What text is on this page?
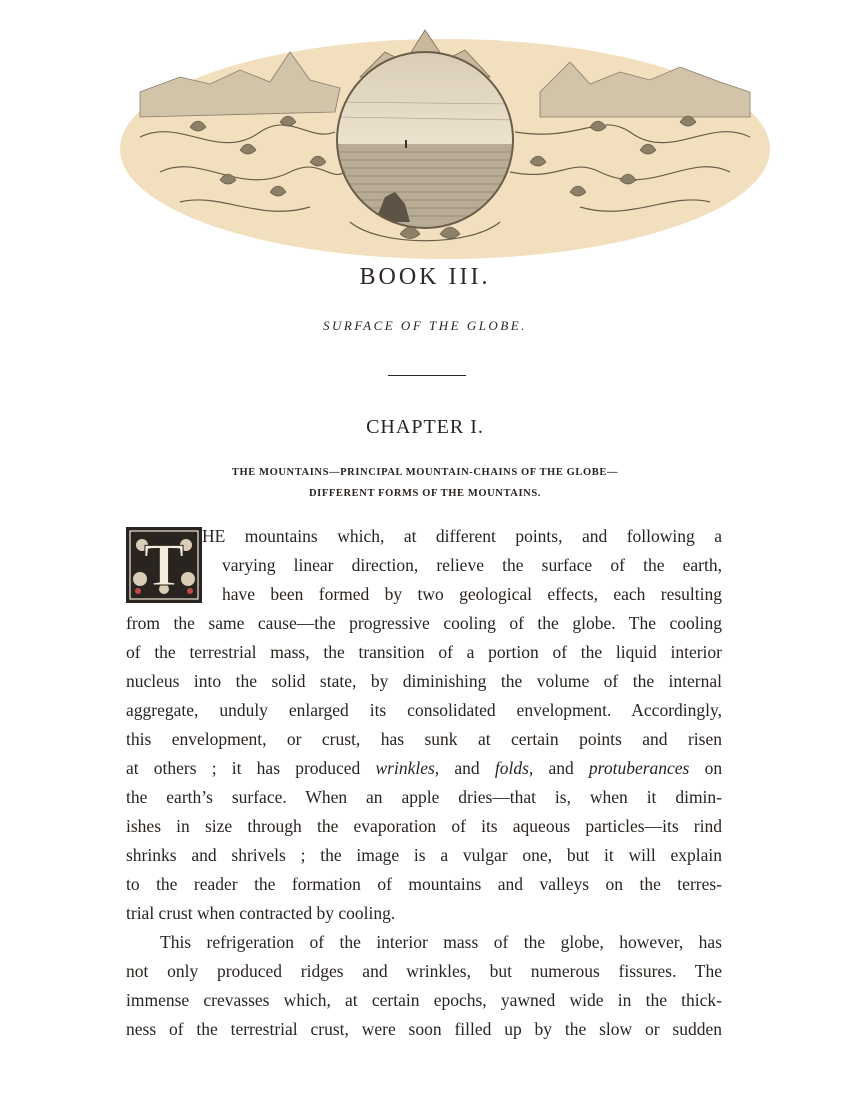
BOOK III.
SURFACE OF THE GLOBE.
CHAPTER I.
THE MOUNTAINS—PRINCIPAL MOUNTAIN-CHAINS OF THE GLOBE—
DIFFERENT FORMS OF THE MOUNTAINS.
T HE mountains which, at different points, and following a
varying linear direction, relieve the surface of the earth,
have been formed by two geological effects, each resulting
from the same cause—the progressive cooling of the globe. The cooling
of the terrestrial mass, the transition of a portion of the liquid interior
nucleus into the solid state, by diminishing the volume of the internal
aggregate, unduly enlarged its consolidated envelopment. Accordingly,
this envelopment, or crust, has sunk at certain points and risen
at others ; it has produced wrinkles, and folds, and protuberances on
the earth’s surface. When an apple dries—that is, when it dimin-
ishes in size through the evaporation of its aqueous particles—its rind
shrinks and shrivels ; the image is a vulgar one, but it will explain
to the reader the formation of mountains and valleys on the terres-
trial crust when contracted by cooling.
This refrigeration of the interior mass of the globe, however, has
not only produced ridges and wrinkles, but numerous fissures. The
immense crevasses which, at certain epochs, yawned wide in the thick-
ness of the terrestrial crust, were soon filled up by the slow or sudden
